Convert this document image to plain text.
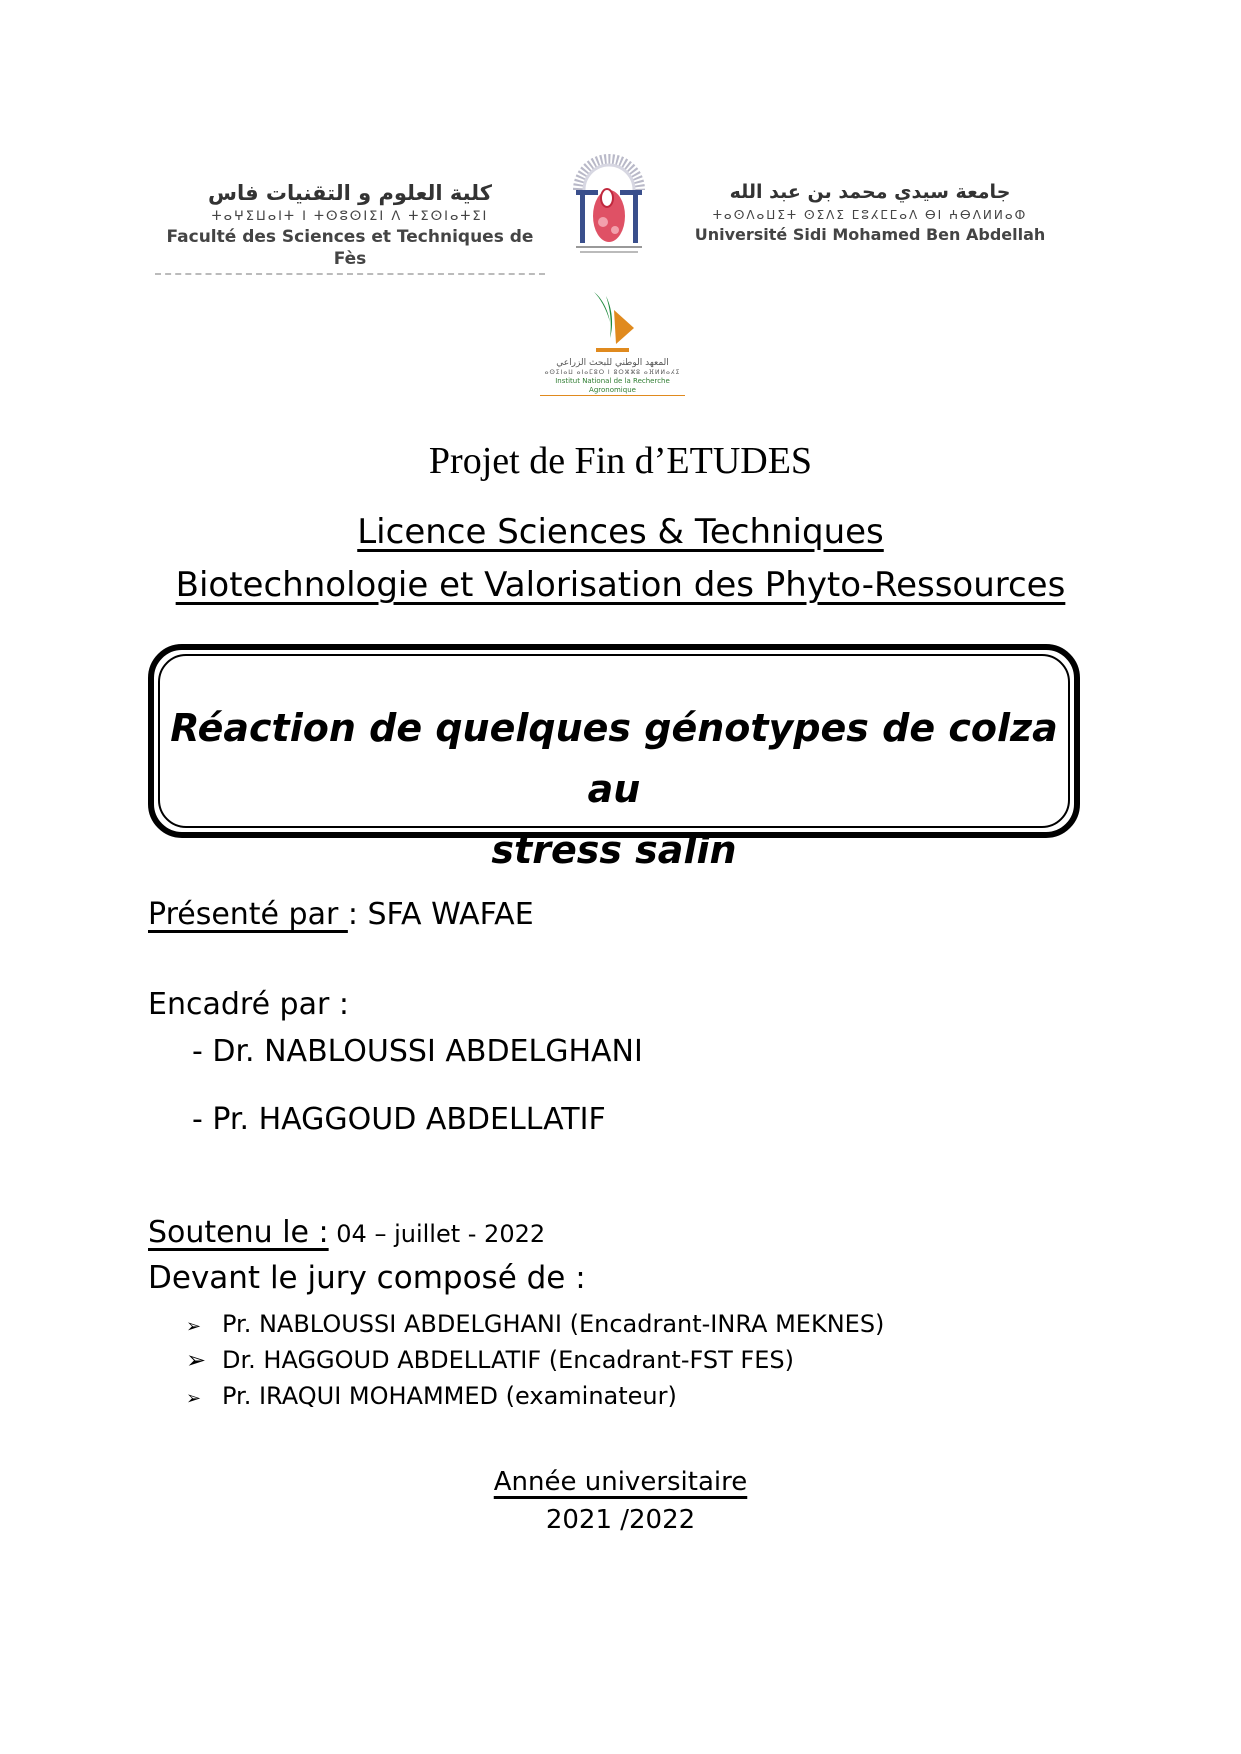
كلية العلوم و التقنيات فاس
ⵜⴰⵖⵉⵡⴰⵏⵜ ⵏ ⵜⵙⵓⵙⵏⵉⵏ ⴷ ⵜⵉⵙⵏⴰⵜⵉⵏ
Faculté des Sciences et Techniques de Fès
جامعة سيدي محمد بن عبد الله
ⵜⴰⵙⴷⴰⵡⵉⵜ ⵙⵉⴷⵉ ⵎⵓⵃⵎⵎⴰⴷ ⴱⵏ ⵄⴱⴷⵍⵍⴰⵀ
Université Sidi Mohamed Ben Abdellah
المعهد الوطني للبحث الزراعي
ⴰⵙⵉⵏⴰⵡ ⴰⵏⴰⵎⵓⵔ ⵏ ⵓⵔⵣⵣⵓ ⴰⴼⵍⵍⴰⵃⵉ
Institut National de la Recherche Agronomique
Projet de Fin d’ETUDES
Licence Sciences & Techniques
Biotechnologie et Valorisation des Phyto-Ressources
Réaction de quelques génotypes de colza au
stress salin
Présenté par : SFA WAFAE
Encadré par :
- Dr. NABLOUSSI ABDELGHANI
- Pr. HAGGOUD ABDELLATIF
Soutenu le : 04 – juillet - 2022
Devant le jury composé de :
➢ Pr. NABLOUSSI ABDELGHANI (Encadrant-INRA MEKNES)
➢ Dr. HAGGOUD ABDELLATIF (Encadrant-FST FES)
➢ Pr. IRAQUI MOHAMMED (examinateur)
Année universitaire
2021 /2022
